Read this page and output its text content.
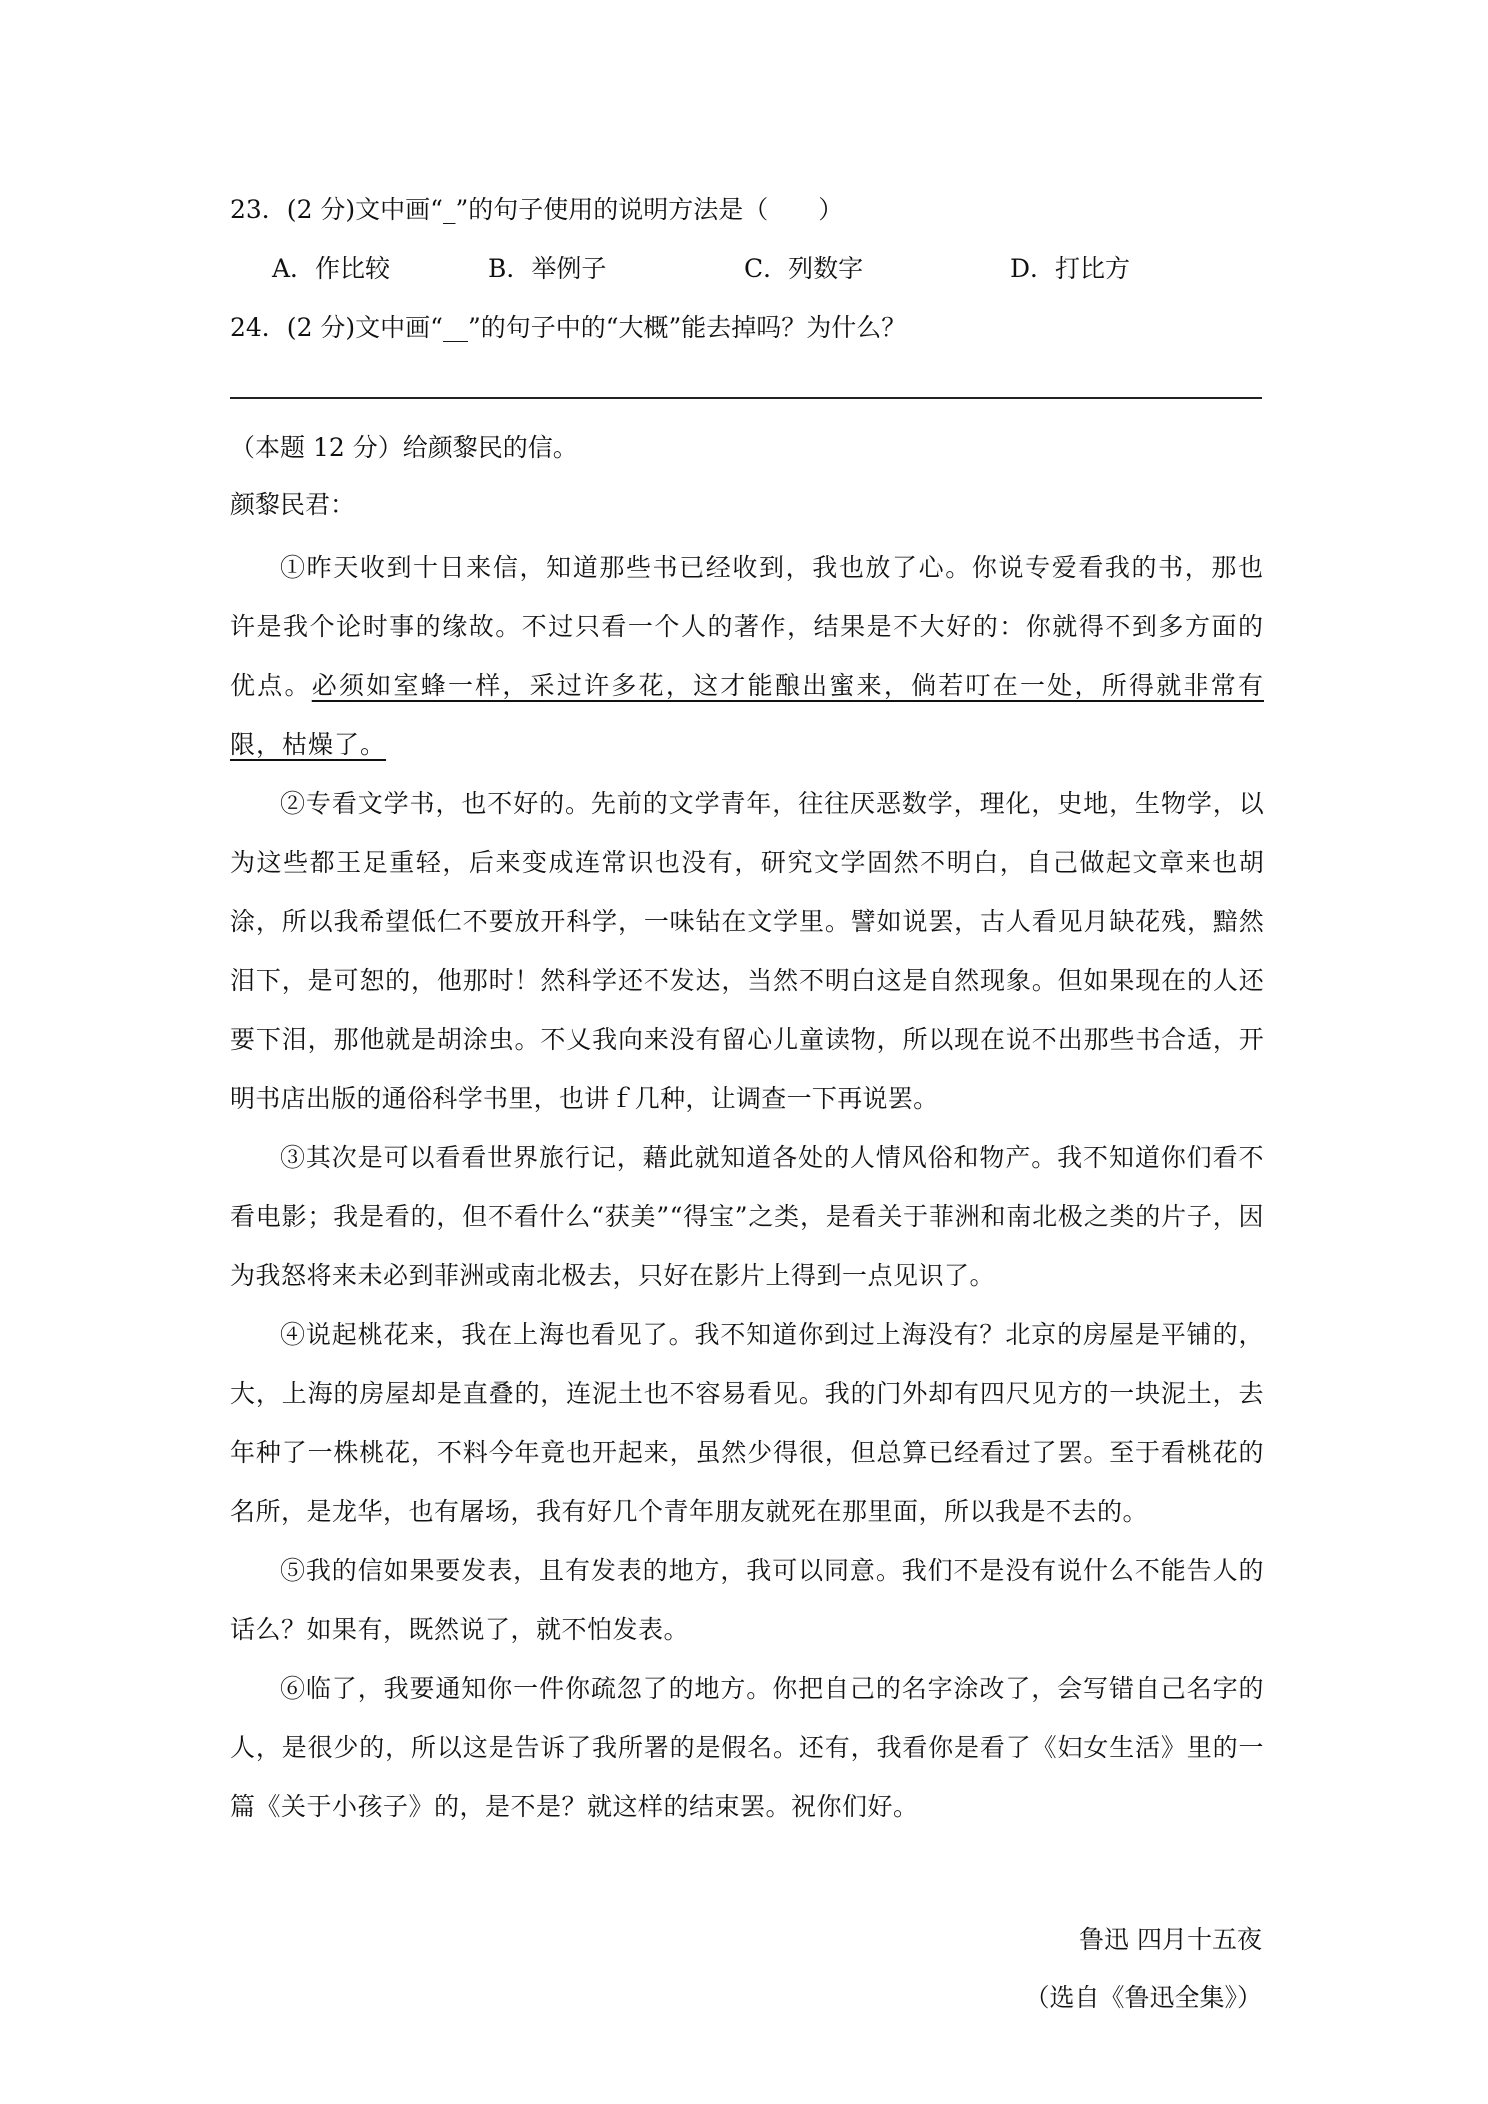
23．(2 分)文中画“_”的句子使用的说明方法是（　　）
A．作比较	B．举例子	C．列数字	D．打比方
24．(2 分)文中画“__”的句子中的“大概”能去掉吗？为什么？
（本题 12 分）给颜黎民的信。
颜黎民君：

①昨天收到十日来信，知道那些书已经收到，我也放了心。你说专爱看我的书，那也许是我个论时事的缘故。不过只看一个人的著作，结果是不大好的：你就得不到多方面的优点。必须如室蜂一样，采过许多花，这才能酿出蜜来，倘若叮在一处，所得就非常有限，枯燥了。

②专看文学书，也不好的。先前的文学青年，往往厌恶数学，理化，史地，生物学，以为这些都王足重轻，后来变成连常识也没有，研究文学固然不明白，自己做起文章来也胡涂，所以我希望低仁不要放开科学，一味钻在文学里。譬如说罢，古人看见月缺花残，黯然泪下，是可恕的，他那时！然科学还不发达，当然不明白这是自然现象。但如果现在的人还要下泪，那他就是胡涂虫。不乂我向来没有留心儿童读物，所以现在说不出那些书合适，开明书店出版的通俗科学书里，也讲ｆ几种，让调查一下再说罢。

③其次是可以看看世界旅行记，藉此就知道各处的人情风俗和物产。我不知道你们看不看电影；我是看的，但不看什么“获美”“得宝”之类，是看关于菲洲和南北极之类的片子，因为我怒将来未必到菲洲或南北极去，只好在影片上得到一点见识了。

④说起桃花来，我在上海也看见了。我不知道你到过上海没有？北京的房屋是平铺的，大，上海的房屋却是直叠的，连泥土也不容易看见。我的门外却有四尺见方的一块泥土，去年种了一株桃花，不料今年竟也开起来，虽然少得很，但总算已经看过了罢。至于看桃花的名所，是龙华，也有屠场，我有好几个青年朋友就死在那里面，所以我是不去的。

⑤我的信如果要发表，且有发表的地方，我可以同意。我们不是没有说什么不能告人的话么？如果有，既然说了，就不怕发表。

⑥临了，我要通知你一件你疏忽了的地方。你把自己的名字涂改了，会写错自己名字的人，是很少的，所以这是告诉了我所署的是假名。还有，我看你是看了《妇女生活》里的一篇《关于小孩子》的，是不是？就这样的结束罢。祝你们好。

鲁迅 四月十五夜
（选自《鲁迅全集》）
